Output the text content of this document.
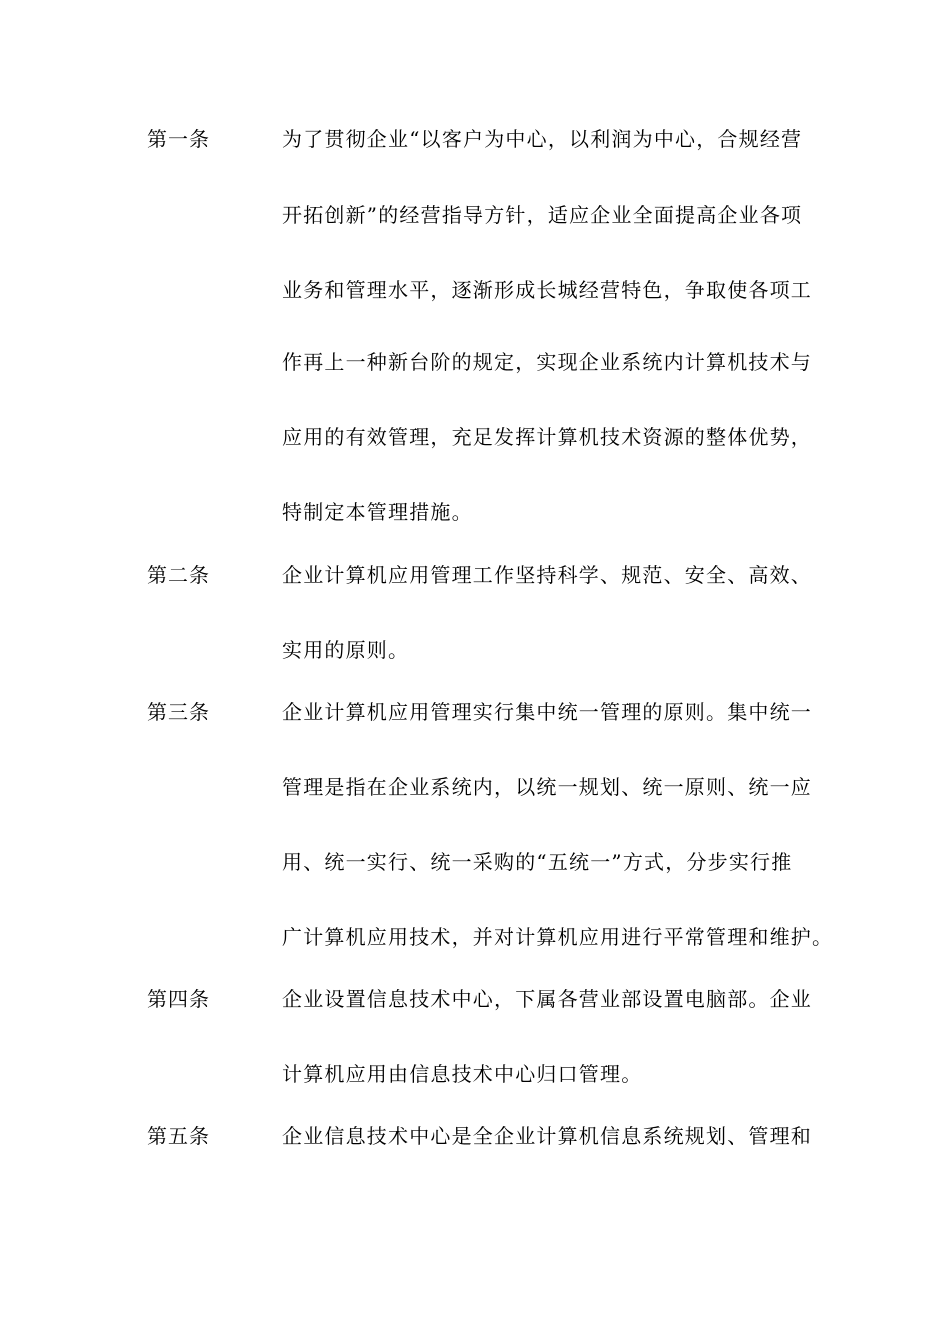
第一条	为了贯彻企业“以客户为中心，以利润为中心，合规经营
开拓创新”的经营指导方针，适应企业全面提高企业各项
业务和管理水平，逐渐形成长城经营特色，争取使各项工
作再上一种新台阶的规定，实现企业系统内计算机技术与
应用的有效管理，充足发挥计算机技术资源的整体优势，
特制定本管理措施。
第二条	企业计算机应用管理工作坚持科学、规范、安全、高效、
实用的原则。
第三条	企业计算机应用管理实行集中统一管理的原则。集中统一
管理是指在企业系统内，以统一规划、统一原则、统一应
用、统一实行、统一采购的“五统一”方式，分步实行推
广计算机应用技术，并对计算机应用进行平常管理和维护。
第四条	企业设置信息技术中心，下属各营业部设置电脑部。企业
计算机应用由信息技术中心归口管理。
第五条	企业信息技术中心是全企业计算机信息系统规划、管理和
